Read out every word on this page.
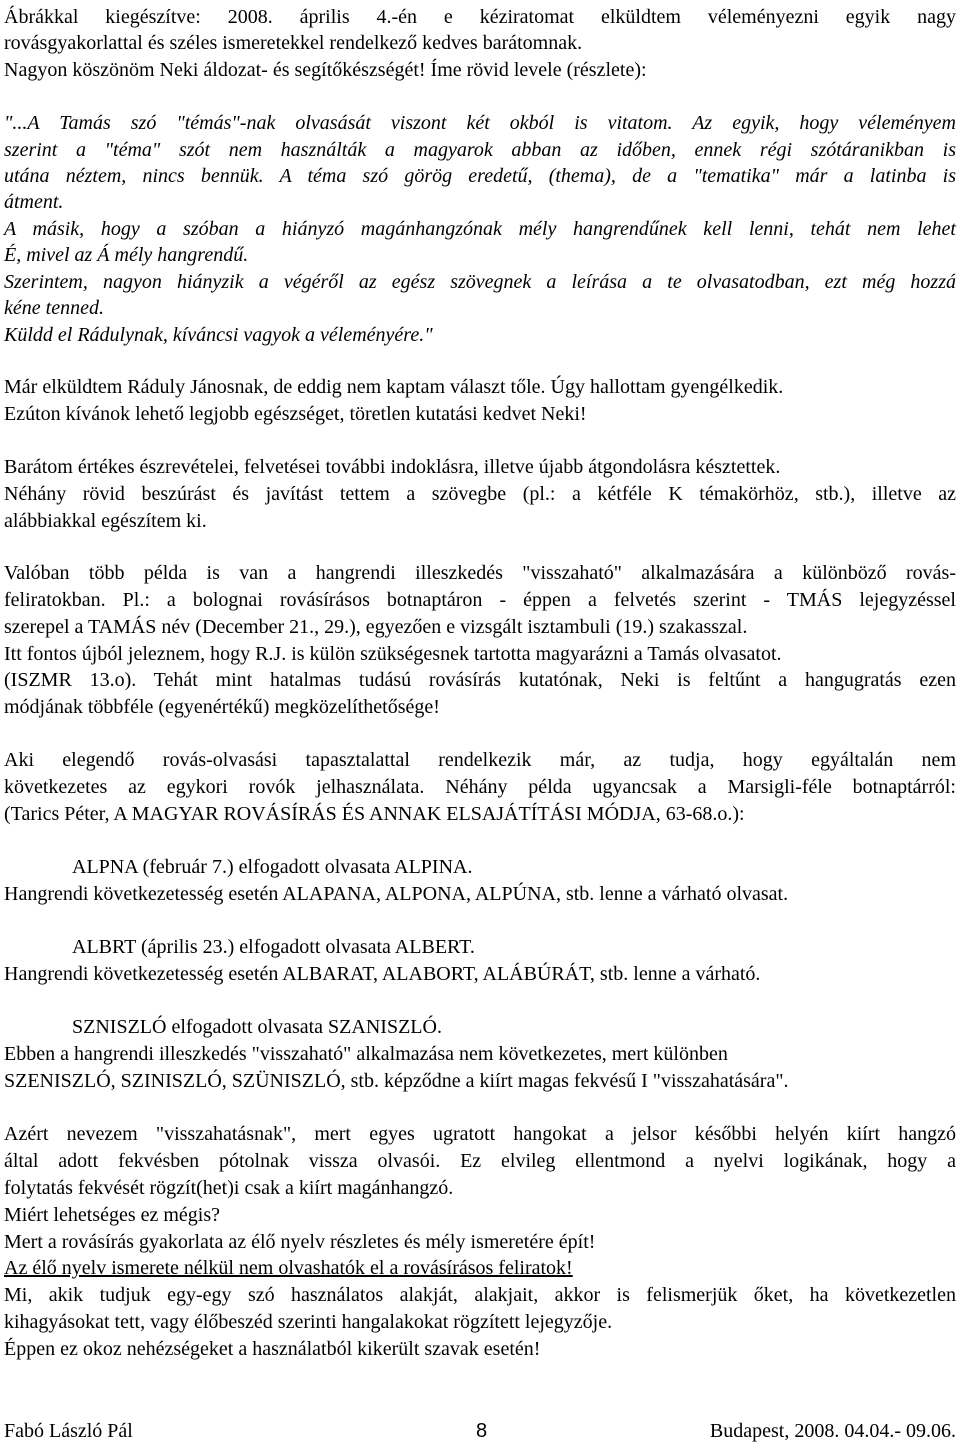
Ábrákkal kiegészítve: 2008. április 4.-én e kéziratomat elküldtem véleményezni egyik nagy
rovásgyakorlattal és széles ismeretekkel rendelkező kedves barátomnak.
Nagyon köszönöm Neki áldozat- és segítőkészségét! Íme rövid levele (részlete):
"...A Tamás szó "témás"-nak olvasását viszont két okból is vitatom. Az egyik, hogy véleményem
szerint a "téma" szót nem használták a magyarok abban az időben, ennek régi szótáranikban is
utána néztem, nincs bennük. A téma szó görög eredetű, (thema), de a "tematika" már a latinba is
átment.
A másik, hogy a szóban a hiányzó magánhangzónak mély hangrendűnek kell lenni, tehát nem lehet
É, mivel az Á mély hangrendű.
Szerintem, nagyon hiányzik a végéről az egész szövegnek a leírása a te olvasatodban, ezt még hozzá
kéne tenned.
Küldd el Rádulynak, kíváncsi vagyok a véleményére."
Már elküldtem Ráduly Jánosnak, de eddig nem kaptam választ tőle. Úgy hallottam gyengélkedik.
Ezúton kívánok lehető legjobb egészséget, töretlen kutatási kedvet Neki!
Barátom értékes észrevételei, felvetései további indoklásra, illetve újabb átgondolásra késztettek.
Néhány rövid beszúrást és javítást tettem a szövegbe (pl.: a kétféle K témakörhöz, stb.), illetve az
alábbiakkal egészítem ki.
Valóban több példa is van a hangrendi illeszkedés "visszaható" alkalmazására a különböző rovás-
feliratokban. Pl.: a bolognai rovásírásos botnaptáron - éppen a felvetés szerint - TMÁS lejegyzéssel
szerepel a TAMÁS név (December 21., 29.), egyezően e vizsgált isztambuli (19.) szakasszal.
Itt fontos újból jeleznem, hogy R.J. is külön szükségesnek tartotta magyarázni a Tamás olvasatot.
(ISZMR 13.o). Tehát mint hatalmas tudású rovásírás kutatónak, Neki is feltűnt a hangugratás ezen
módjának többféle (egyenértékű) megközelíthetősége!
Aki elegendő rovás-olvasási tapasztalattal rendelkezik már, az tudja, hogy egyáltalán nem
következetes az egykori rovók jelhasználata. Néhány példa ugyancsak a Marsigli-féle botnaptárról:
(Tarics Péter, A MAGYAR ROVÁSÍRÁS ÉS ANNAK ELSAJÁTÍTÁSI MÓDJA, 63-68.o.):
ALPNA (február 7.) elfogadott olvasata ALPINA.
Hangrendi következetesség esetén ALAPANA, ALPONA, ALPÚNA, stb. lenne a várható olvasat.
ALBRT (április 23.) elfogadott olvasata ALBERT.
Hangrendi következetesség esetén ALBARAT, ALABORT, ALÁBÚRÁT, stb. lenne a várható.
SZNISZLÓ elfogadott olvasata SZANISZLÓ.
Ebben a hangrendi illeszkedés "visszaható" alkalmazása nem következetes, mert különben
SZENISZLÓ, SZINISZLÓ, SZÜNISZLÓ, stb. képződne a kiírt magas fekvésű I "visszahatására".
Azért nevezem "visszahatásnak", mert egyes ugratott hangokat a jelsor későbbi helyén kiírt hangzó
által adott fekvésben pótolnak vissza olvasói. Ez elvileg ellentmond a nyelvi logikának, hogy a
folytatás fekvését rögzít(het)i csak a kiírt magánhangzó.
Miért lehetséges ez mégis?
Mert a rovásírás gyakorlata az élő nyelv részletes és mély ismeretére épít!
Az élő nyelv ismerete nélkül nem olvashatók el a rovásírásos feliratok!
Mi, akik tudjuk egy-egy szó használatos alakját, alakjait, akkor is felismerjük őket, ha következetlen
kihagyásokat tett, vagy élőbeszéd szerinti hangalakokat rögzített lejegyzője.
Éppen ez okoz nehézségeket a használatból kikerült szavak esetén!
Fabó László Pál	8	Budapest, 2008. 04.04.- 09.06.
